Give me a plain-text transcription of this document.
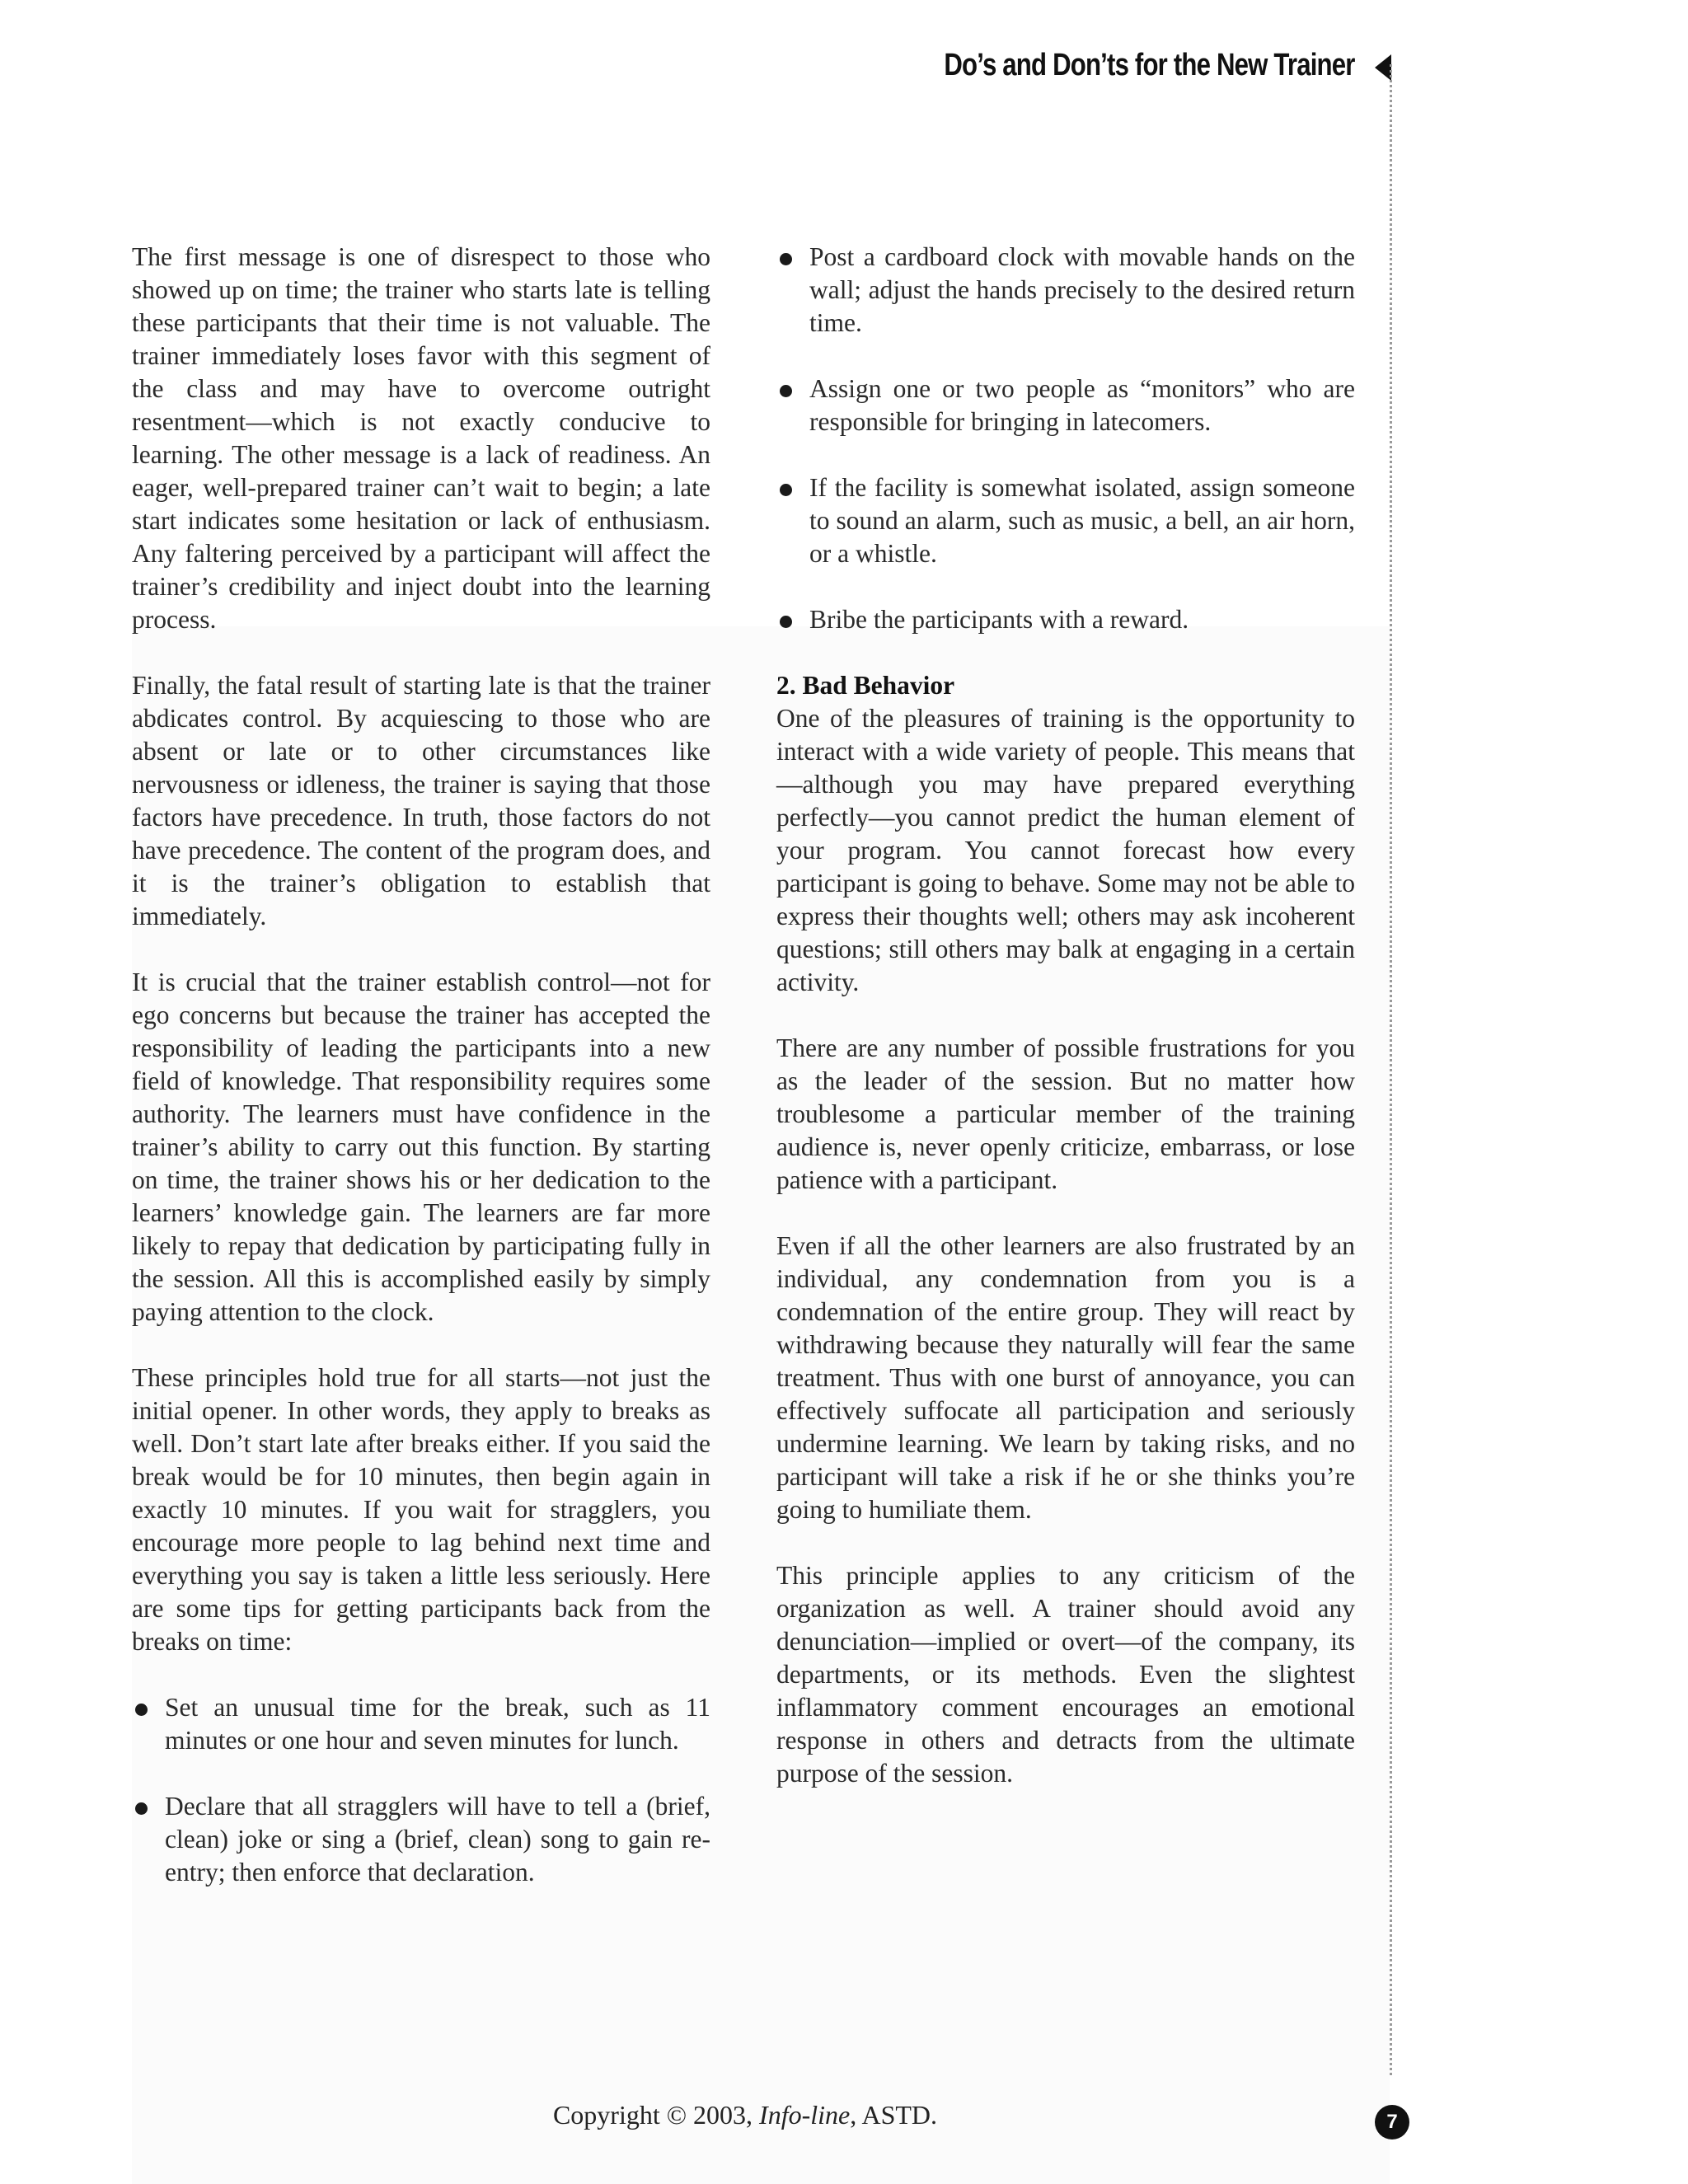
Do’s and Don’ts for the New Trainer

The first message is one of disrespect to those who showed up on time; the trainer who starts late is telling these participants that their time is not valuable. The trainer immediately loses favor with this segment of the class and may have to overcome outright resentment—which is not exactly conducive to learning. The other message is a lack of readiness. An eager, well-prepared trainer can’t wait to begin; a late start indicates some hesitation or lack of enthusiasm. Any faltering perceived by a participant will affect the trainer’s credibility and inject doubt into the learning process.

Finally, the fatal result of starting late is that the trainer abdicates control. By acquiescing to those who are absent or late or to other circumstances like nervousness or idleness, the trainer is saying that those factors have precedence. In truth, those factors do not have precedence. The content of the program does, and it is the trainer’s obligation to establish that immediately.

It is crucial that the trainer establish control—not for ego concerns but because the trainer has accepted the responsibility of leading the participants into a new field of knowledge. That responsibility requires some authority. The learners must have confidence in the trainer’s ability to carry out this function. By starting on time, the trainer shows his or her dedication to the learners’ knowledge gain. The learners are far more likely to repay that dedication by participating fully in the session. All this is accomplished easily by simply paying attention to the clock.

These principles hold true for all starts—not just the initial opener. In other words, they apply to breaks as well. Don’t start late after breaks either. If you said the break would be for 10 minutes, then begin again in exactly 10 minutes. If you wait for stragglers, you encourage more people to lag behind next time and everything you say is taken a little less seriously. Here are some tips for getting participants back from the breaks on time:

Set an unusual time for the break, such as 11 minutes or one hour and seven minutes for lunch.
Declare that all stragglers will have to tell a (brief, clean) joke or sing a (brief, clean) song to gain re-entry; then enforce that declaration.
Post a cardboard clock with movable hands on the wall; adjust the hands precisely to the desired return time.
Assign one or two people as “monitors” who are responsible for bringing in latecomers.
If the facility is somewhat isolated, assign someone to sound an alarm, such as music, a bell, an air horn, or a whistle.
Bribe the participants with a reward.
2. Bad Behavior

One of the pleasures of training is the opportunity to interact with a wide variety of people. This means that—although you may have prepared everything perfectly—you cannot predict the human element of your program. You cannot forecast how every participant is going to behave. Some may not be able to express their thoughts well; others may ask incoherent questions; still others may balk at engaging in a certain activity.

There are any number of possible frustrations for you as the leader of the session. But no matter how troublesome a particular member of the training audience is, never openly criticize, embarrass, or lose patience with a participant.

Even if all the other learners are also frustrated by an individual, any condemnation from you is a condemnation of the entire group. They will react by withdrawing because they naturally will fear the same treatment. Thus with one burst of annoyance, you can effectively suffocate all participation and seriously undermine learning. We learn by taking risks, and no participant will take a risk if he or she thinks you’re going to humiliate them.

This principle applies to any criticism of the organization as well. A trainer should avoid any denunciation—implied or overt—of the company, its departments, or its methods. Even the slightest inflammatory comment encourages an emotional response in others and detracts from the ultimate purpose of the session.

Copyright © 2003, Info-line, ASTD.	7
